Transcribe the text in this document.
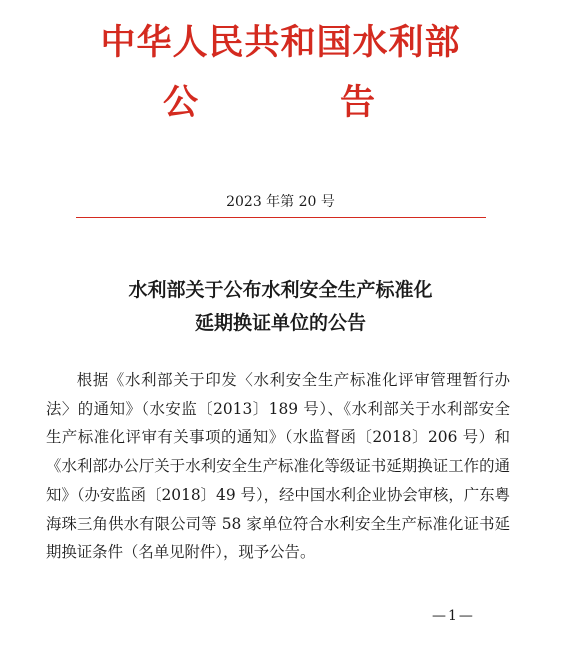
中华人民共和国水利部
公	告
2023 年第 20 号
水利部关于公布水利安全生产标准化
延期换证单位的公告
根据《水利部关于印发〈水利安全生产标准化评审管理暂行办法〉的通知》（水安监〔2013〕189 号）、《水利部关于水利部安全生产标准化评审有关事项的通知》（水监督函〔2018〕206 号）和《水利部办公厅关于水利安全生产标准化等级证书延期换证工作的通知》（办安监函〔2018〕49 号），经中国水利企业协会审核，广东粤海珠三角供水有限公司等 58 家单位符合水利安全生产标准化证书延期换证条件（名单见附件），现予公告。
—1—
